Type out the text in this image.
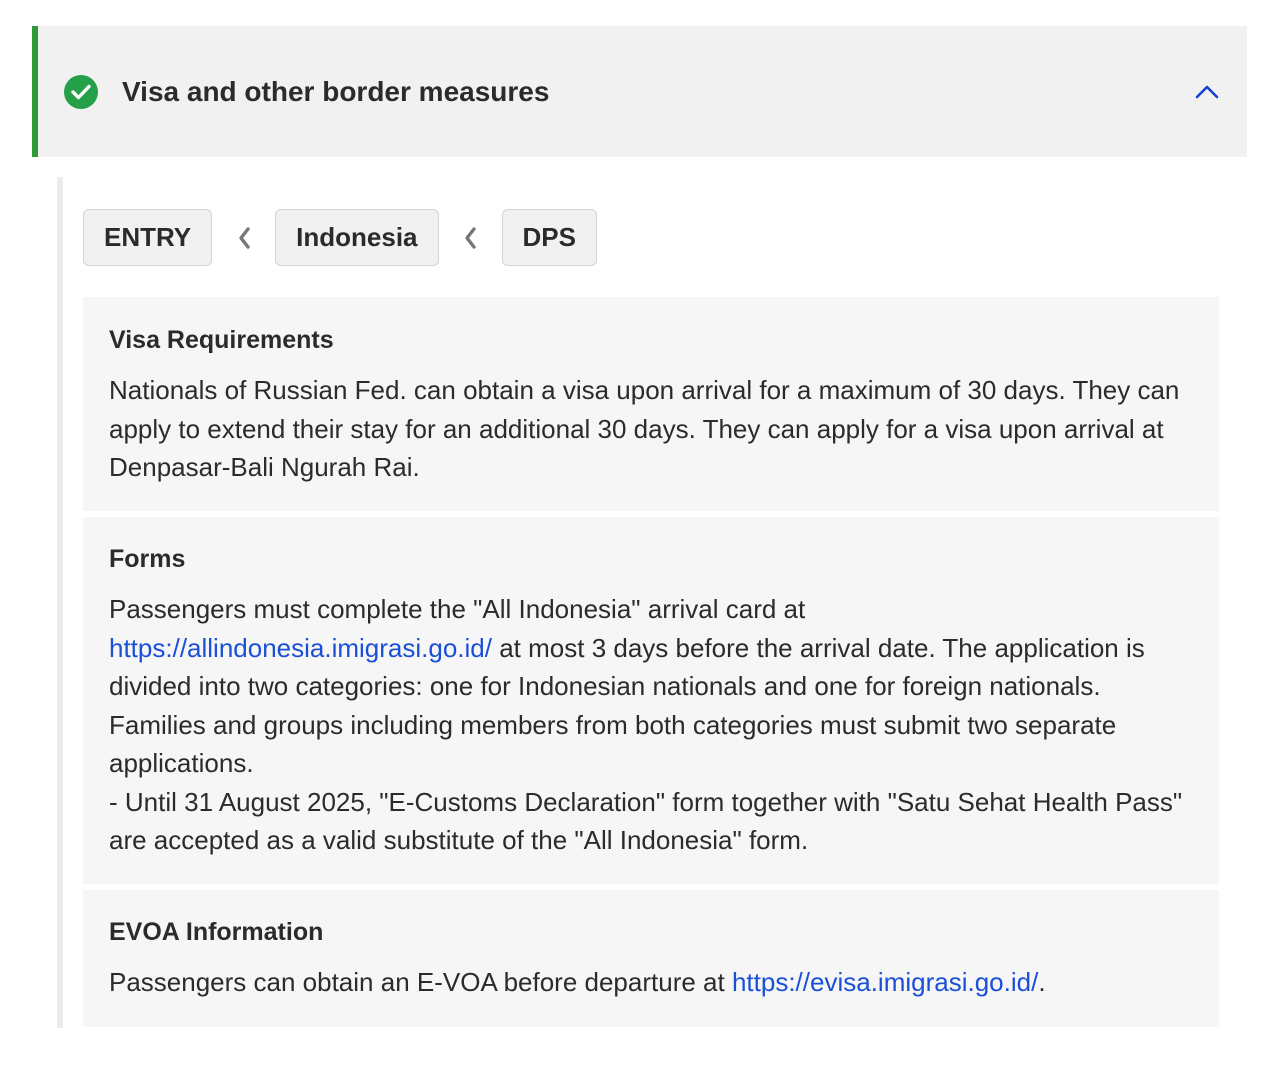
Visa and other border measures
ENTRY	Indonesia	DPS
Visa Requirements
Nationals of Russian Fed. can obtain a visa upon arrival for a maximum of 30 days. They can apply to extend their stay for an additional 30 days. They can apply for a visa upon arrival at Denpasar-Bali Ngurah Rai.
Forms
Passengers must complete the "All Indonesia" arrival card at
https://allindonesia.imigrasi.go.id/ at most 3 days before the arrival date. The application is divided into two categories: one for Indonesian nationals and one for foreign nationals. Families and groups including members from both categories must submit two separate applications.
- Until 31 August 2025, "E-Customs Declaration" form together with "Satu Sehat Health Pass" are accepted as a valid substitute of the "All Indonesia" form.
EVOA Information
Passengers can obtain an E-VOA before departure at https://evisa.imigrasi.go.id/.
